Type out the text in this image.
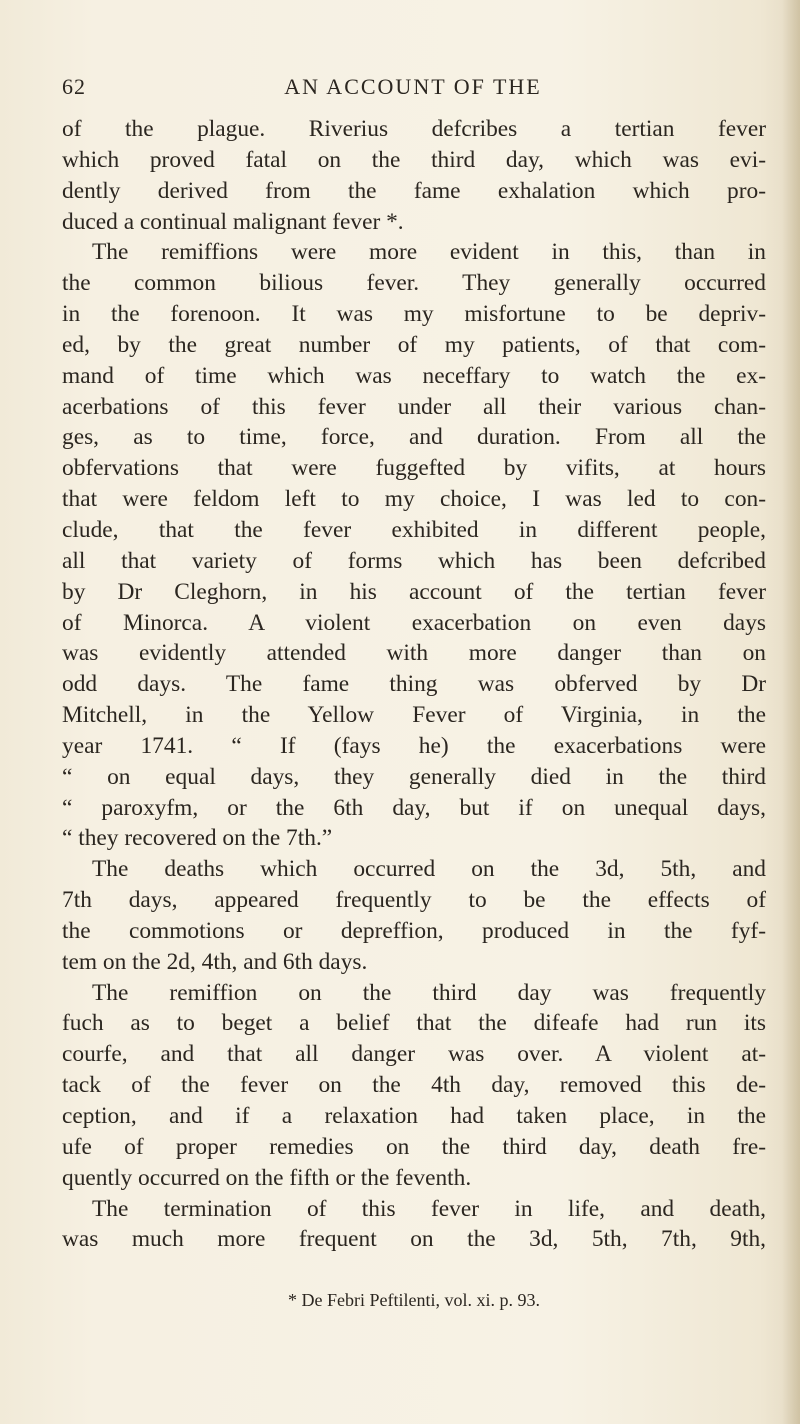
62	AN ACCOUNT OF THE
of the plague. Riverius defcribes a tertian fever
which proved fatal on the third day, which was evi-
dently derived from the fame exhalation which pro-
duced a continual malignant fever *.
The remiffions were more evident in this, than in
the common bilious fever. They generally occurred
in the forenoon. It was my misfortune to be depriv-
ed, by the great number of my patients, of that com-
mand of time which was neceffary to watch the ex-
acerbations of this fever under all their various chan-
ges, as to time, force, and duration. From all the
obfervations that were fuggefted by vifits, at hours
that were feldom left to my choice, I was led to con-
clude, that the fever exhibited in different people,
all that variety of forms which has been defcribed
by Dr Cleghorn, in his account of the tertian fever
of Minorca. A violent exacerbation on even days
was evidently attended with more danger than on
odd days. The fame thing was obferved by Dr
Mitchell, in the Yellow Fever of Virginia, in the
year 1741. “ If (fays he) the exacerbations were
“ on equal days, they generally died in the third
“ paroxyfm, or the 6th day, but if on unequal days,
“ they recovered on the 7th.”
The deaths which occurred on the 3d, 5th, and
7th days, appeared frequently to be the effects of
the commotions or depreffion, produced in the fyf-
tem on the 2d, 4th, and 6th days.
The remiffion on the third day was frequently
fuch as to beget a belief that the difeafe had run its
courfe, and that all danger was over. A violent at-
tack of the fever on the 4th day, removed this de-
ception, and if a relaxation had taken place, in the
ufe of proper remedies on the third day, death fre-
quently occurred on the fifth or the feventh.
The termination of this fever in life, and death,
was much more frequent on the 3d, 5th, 7th, 9th,
* De Febri Peftilenti, vol. xi. p. 93.
